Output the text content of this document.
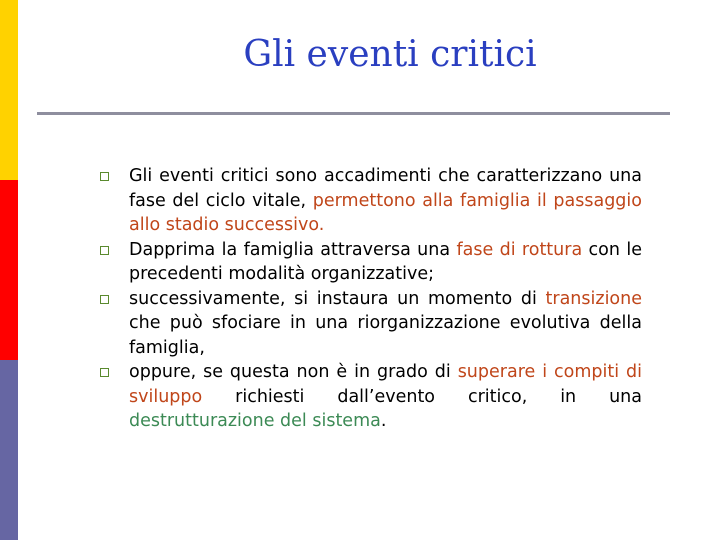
Gli eventi critici
Gli eventi critici sono accadimenti che caratterizzano una fase del ciclo vitale, permettono alla famiglia il passaggio allo stadio successivo.
Dapprima la famiglia attraversa una fase di rottura con le precedenti modalità organizzative;
successivamente, si instaura un momento di transizione che può sfociare in una riorganizzazione evolutiva della famiglia,
oppure, se questa non è in grado di superare i compiti di sviluppo richiesti dall’evento critico, in una destrutturazione del sistema.
